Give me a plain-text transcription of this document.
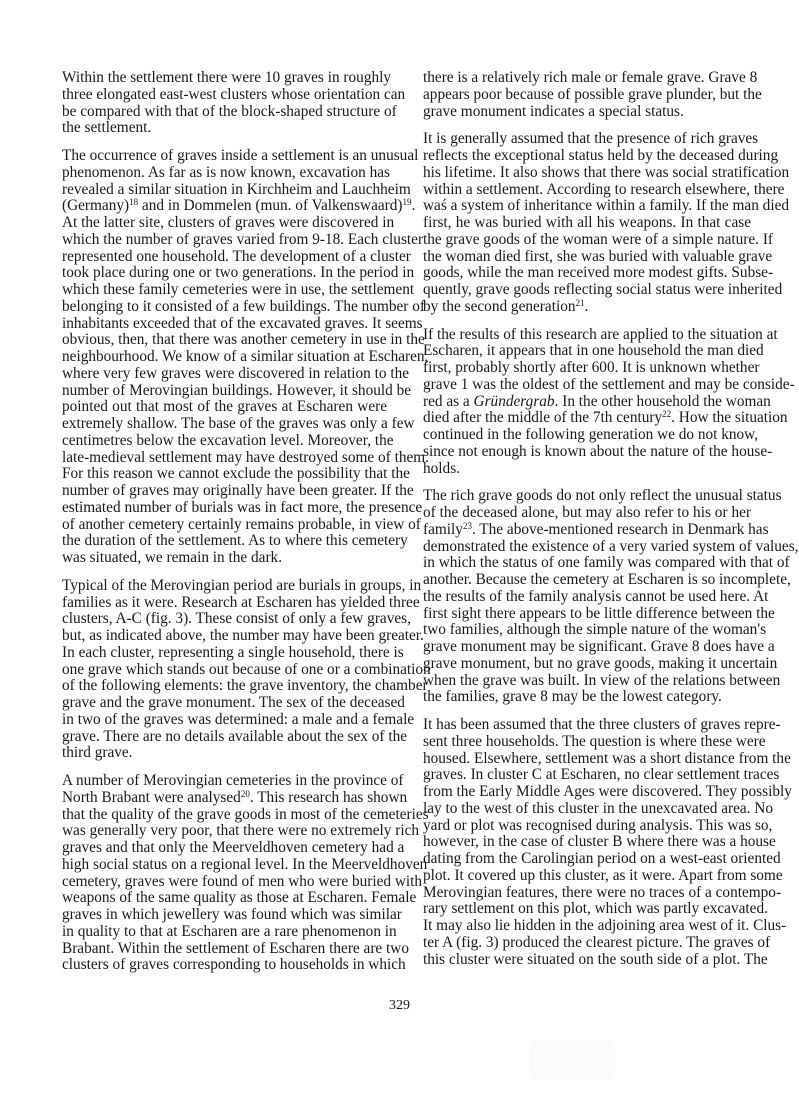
Within the settlement there were 10 graves in roughly
three elongated east-west clusters whose orientation can
be compared with that of the block-shaped structure of
the settlement.
The occurrence of graves inside a settlement is an unusual
phenomenon. As far as is now known, excavation has
revealed a similar situation in Kirchheim and Lauchheim
(Germany)$^{18}$ and in Dommelen (mun. of Valkenswaard)$^{19}$.
At the latter site, clusters of graves were discovered in
which the number of graves varied from 9-18. Each cluster
represented one household. The development of a cluster
took place during one or two generations. In the period in
which these family cemeteries were in use, the settlement
belonging to it consisted of a few buildings. The number of
inhabitants exceeded that of the excavated graves. It seems
obvious, then, that there was another cemetery in use in the
neighbourhood. We know of a similar situation at Escharen,
where very few graves were discovered in relation to the
number of Merovingian buildings. However, it should be
pointed out that most of the graves at Escharen were
extremely shallow. The base of the graves was only a few
centimetres below the excavation level. Moreover, the
late-medieval settlement may have destroyed some of them.
For this reason we cannot exclude the possibility that the
number of graves may originally have been greater. If the
estimated number of burials was in fact more, the presence
of another cemetery certainly remains probable, in view of
the duration of the settlement. As to where this cemetery
was situated, we remain in the dark.
Typical of the Merovingian period are burials in groups, in
families as it were. Research at Escharen has yielded three
clusters, A-C (fig. 3). These consist of only a few graves,
but, as indicated above, the number may have been greater.
In each cluster, representing a single household, there is
one grave which stands out because of one or a combination
of the following elements: the grave inventory, the chamber
grave and the grave monument. The sex of the deceased
in two of the graves was determined: a male and a female
grave. There are no details available about the sex of the
third grave.
A number of Merovingian cemeteries in the province of
North Brabant were analysed$^{20}$. This research has shown
that the quality of the grave goods in most of the cemeteries
was generally very poor, that there were no extremely rich
graves and that only the Meerveldhoven cemetery had a
high social status on a regional level. In the Meerveldhoven
cemetery, graves were found of men who were buried with
weapons of the same quality as those at Escharen. Female
graves in which jewellery was found which was similar
in quality to that at Escharen are a rare phenomenon in
Brabant. Within the settlement of Escharen there are two
clusters of graves corresponding to households in which
there is a relatively rich male or female grave. Grave 8
appears poor because of possible grave plunder, but the
grave monument indicates a special status.
It is generally assumed that the presence of rich graves
reflects the exceptional status held by the deceased during
his lifetime. It also shows that there was social stratification
within a settlement. According to research elsewhere, there
waś a system of inheritance within a family. If the man died
first, he was buried with all his weapons. In that case
the grave goods of the woman were of a simple nature. If
the woman died first, she was buried with valuable grave
goods, while the man received more modest gifts. Subse-
quently, grave goods reflecting social status were inherited
by the second generation$^{21}$.
If the results of this research are applied to the situation at
Escharen, it appears that in one household the man died
first, probably shortly after 600. It is unknown whether
grave 1 was the oldest of the settlement and may be conside-
red as a Gründergrab. In the other household the woman
died after the middle of the 7th century$^{22}$. How the situation
continued in the following generation we do not know,
since not enough is known about the nature of the house-
holds.
The rich grave goods do not only reflect the unusual status
of the deceased alone, but may also refer to his or her
family$^{23}$. The above-mentioned research in Denmark has
demonstrated the existence of a very varied system of values,
in which the status of one family was compared with that of
another. Because the cemetery at Escharen is so incomplete,
the results of the family analysis cannot be used here. At
first sight there appears to be little difference between the
two families, although the simple nature of the woman's
grave monument may be significant. Grave 8 does have a
grave monument, but no grave goods, making it uncertain
when the grave was built. In view of the relations between
the families, grave 8 may be the lowest category.
It has been assumed that the three clusters of graves repre-
sent three households. The question is where these were
housed. Elsewhere, settlement was a short distance from the
graves. In cluster C at Escharen, no clear settlement traces
from the Early Middle Ages were discovered. They possibly
lay to the west of this cluster in the unexcavated area. No
yard or plot was recognised during analysis. This was so,
however, in the case of cluster B where there was a house
dating from the Carolingian period on a west-east oriented
plot. It covered up this cluster, as it were. Apart from some
Merovingian features, there were no traces of a contempo-
rary settlement on this plot, which was partly excavated.
It may also lie hidden in the adjoining area west of it. Clus-
ter A (fig. 3) produced the clearest picture. The graves of
this cluster were situated on the south side of a plot. The
329
